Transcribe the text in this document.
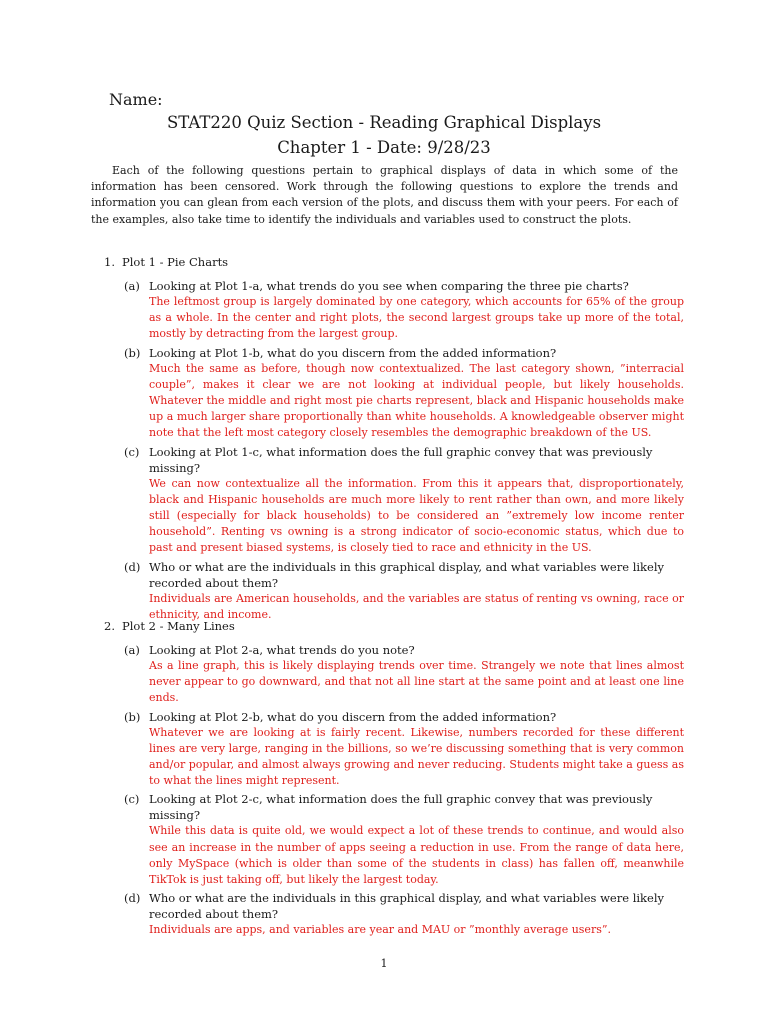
Name:
STAT220 Quiz Section - Reading Graphical Displays
Chapter 1 - Date: 9/28/23

Each of the following questions pertain to graphical displays of data in which some of the information has been censored. Work through the following questions to explore the trends and information you can glean from each version of the plots, and discuss them with your peers. For each of the examples, also take time to identify the individuals and variables used to construct the plots.

1. Plot 1 - Pie Charts

(a) Looking at Plot 1-a, what trends do you see when comparing the three pie charts?

The leftmost group is largely dominated by one category, which accounts for 65% of the group as a whole. In the center and right plots, the second largest groups take up more of the total, mostly by detracting from the largest group.

(b) Looking at Plot 1-b, what do you discern from the added information?

Much the same as before, though now contextualized. The last category shown, ”interracial couple”, makes it clear we are not looking at individual people, but likely households. Whatever the middle and right most pie charts represent, black and Hispanic households make up a much larger share proportionally than white households. A knowledgeable observer might note that the left most category closely resembles the demographic breakdown of the US.

(c) Looking at Plot 1-c, what information does the full graphic convey that was previously missing?

We can now contextualize all the information. From this it appears that, disproportionately, black and Hispanic households are much more likely to rent rather than own, and more likely still (especially for black households) to be considered an ”extremely low income renter household”. Renting vs owning is a strong indicator of socio-economic status, which due to past and present biased systems, is closely tied to race and ethnicity in the US.

(d) Who or what are the individuals in this graphical display, and what variables were likely recorded about them?

Individuals are American households, and the variables are status of renting vs owning, race or ethnicity, and income.

2. Plot 2 - Many Lines

(a) Looking at Plot 2-a, what trends do you note?

As a line graph, this is likely displaying trends over time. Strangely we note that lines almost never appear to go downward, and that not all line start at the same point and at least one line ends.

(b) Looking at Plot 2-b, what do you discern from the added information?

Whatever we are looking at is fairly recent. Likewise, numbers recorded for these different lines are very large, ranging in the billions, so we’re discussing something that is very common and/or popular, and almost always growing and never reducing. Students might take a guess as to what the lines might represent.

(c) Looking at Plot 2-c, what information does the full graphic convey that was previously missing?

While this data is quite old, we would expect a lot of these trends to continue, and would also see an increase in the number of apps seeing a reduction in use. From the range of data here, only MySpace (which is older than some of the students in class) has fallen off, meanwhile TikTok is just taking off, but likely the largest today.

(d) Who or what are the individuals in this graphical display, and what variables were likely recorded about them?

Individuals are apps, and variables are year and MAU or ”monthly average users”.

1
